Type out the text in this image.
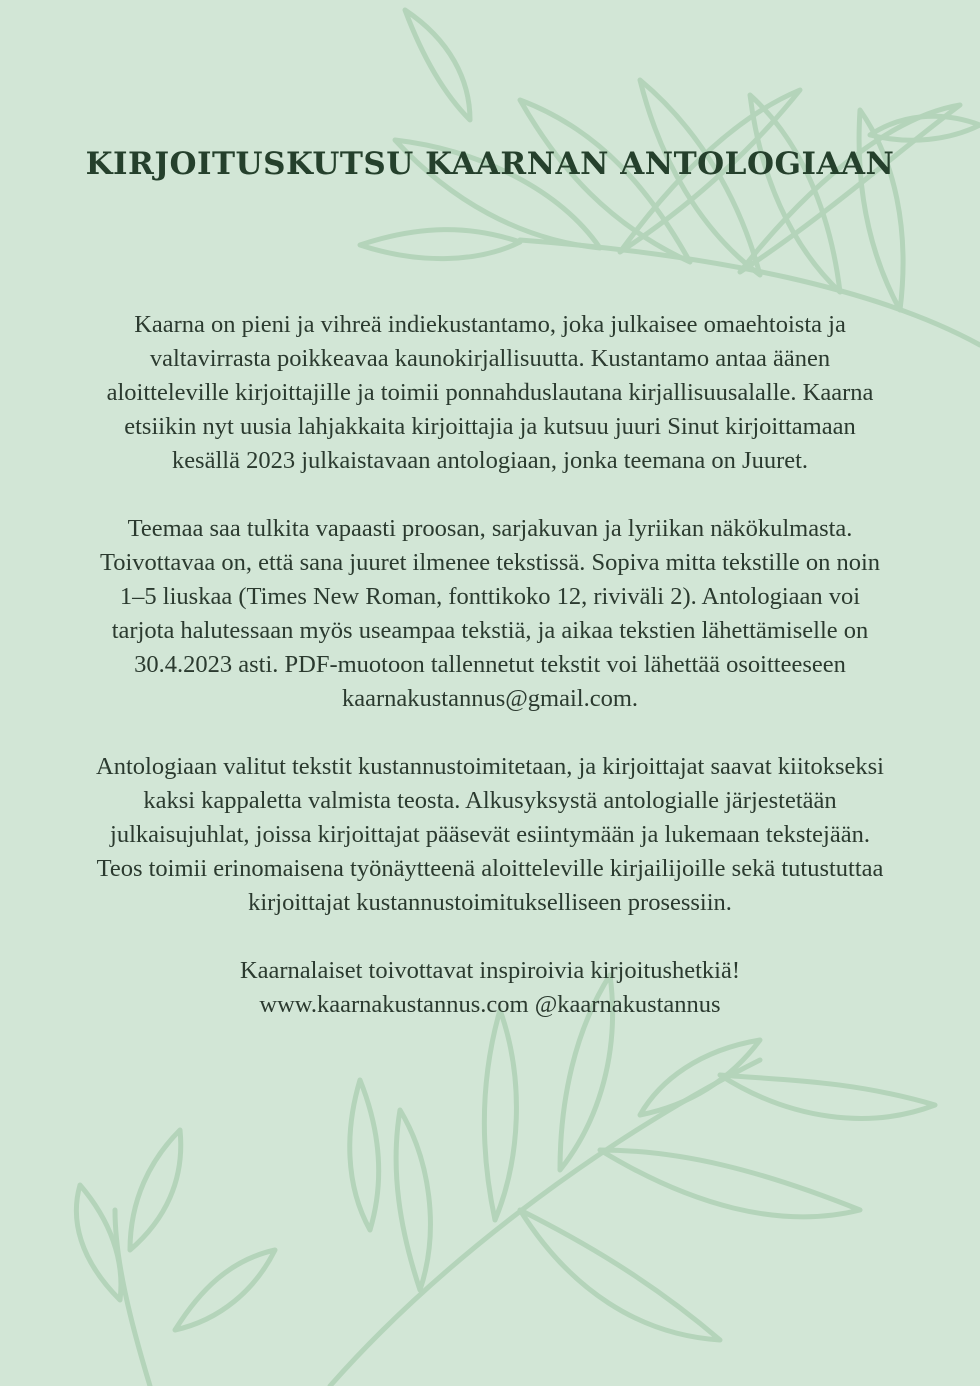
KIRJOITUSKUTSU KAARNAN ANTOLOGIAAN

Kaarna on pieni ja vihreä indiekustantamo, joka julkaisee omaehtoista ja valtavirrasta poikkeavaa kaunokirjallisuutta. Kustantamo antaa äänen aloitteleville kirjoittajille ja toimii ponnahduslautana kirjallisuusalalle. Kaarna etsiikin nyt uusia lahjakkaita kirjoittajia ja kutsuu juuri Sinut kirjoittamaan kesällä 2023 julkaistavaan antologiaan, jonka teemana on Juuret.

Teemaa saa tulkita vapaasti proosan, sarjakuvan ja lyriikan näkökulmasta. Toivottavaa on, että sana juuret ilmenee tekstissä. Sopiva mitta tekstille on noin 1–5 liuskaa (Times New Roman, fonttikoko 12, riviväli 2). Antologiaan voi tarjota halutessaan myös useampaa tekstiä, ja aikaa tekstien lähettämiselle on 30.4.2023 asti. PDF-muotoon tallennetut tekstit voi lähettää osoitteeseen kaarnakustannus@gmail.com.

Antologiaan valitut tekstit kustannustoimitetaan, ja kirjoittajat saavat kiitokseksi kaksi kappaletta valmista teosta. Alkusyksystä antologialle järjestetään julkaisujuhlat, joissa kirjoittajat pääsevät esiintymään ja lukemaan tekstejään. Teos toimii erinomaisena työnäytteenä aloitteleville kirjailijoille sekä tutustuttaa kirjoittajat kustannustoimitukselliseen prosessiin.

Kaarnalaiset toivottavat inspiroivia kirjoitushetkiä!
www.kaarnakustannus.com @kaarnakustannus
